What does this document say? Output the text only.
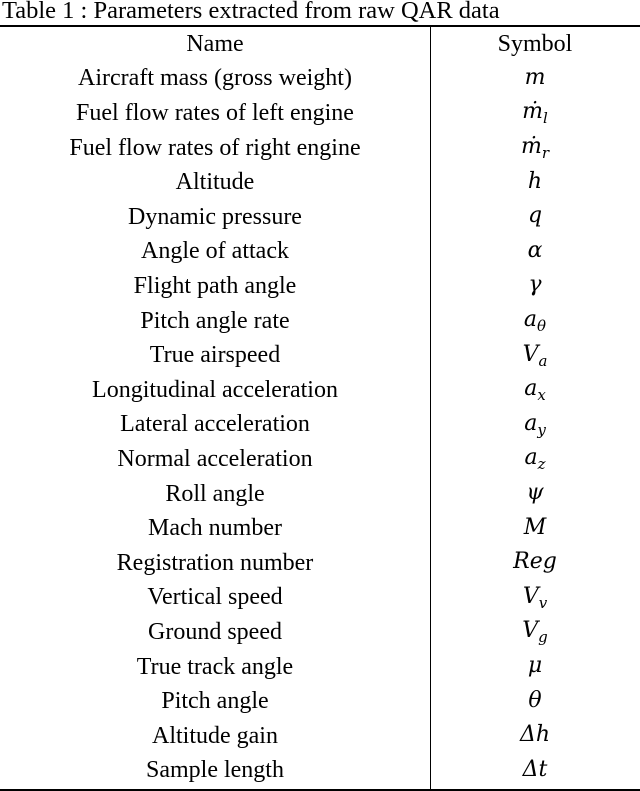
Table 1 : Parameters extracted from raw QAR data
Name	Symbol
Aircraft mass (gross weight)	m
Fuel flow rates of left engine	ṁ$_l$
Fuel flow rates of right engine	ṁ$_r$
Altitude	h
Dynamic pressure	q
Angle of attack	α
Flight path angle	γ
Pitch angle rate	$a_\theta$
True airspeed	$V_a$
Longitudinal acceleration	$a_x$
Lateral acceleration	$a_y$
Normal acceleration	$a_z$
Roll angle	ψ
Mach number	M
Registration number	Reg
Vertical speed	$V_v$
Ground speed	$V_g$
True track angle	μ
Pitch angle	θ
Altitude gain	Δh
Sample length	Δt
